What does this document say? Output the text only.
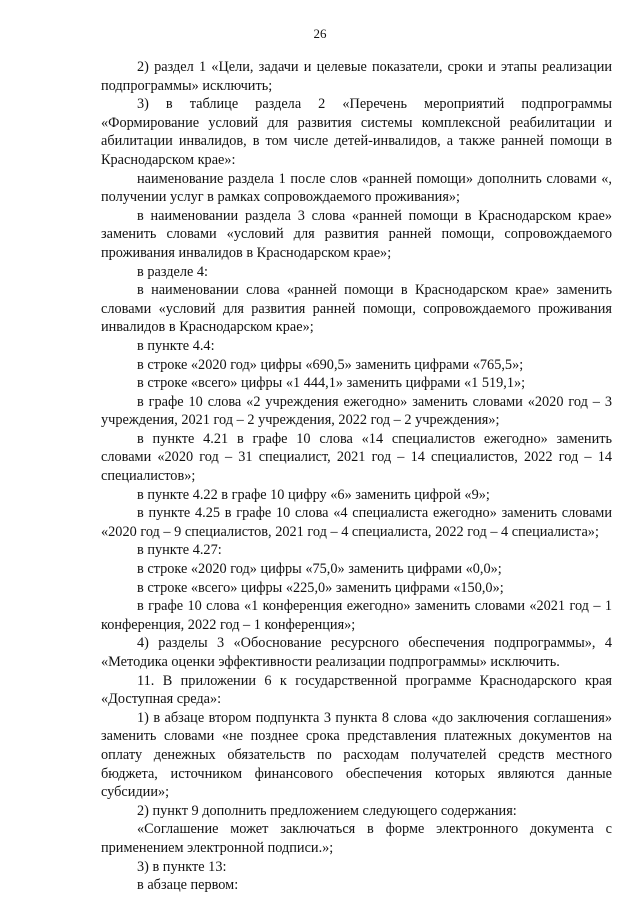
26

2) раздел 1 «Цели, задачи и целевые показатели, сроки и этапы реализации подпрограммы» исключить;

3) в таблице раздела 2 «Перечень мероприятий подпрограммы «Формирование условий для развития системы комплексной реабилитации и абилитации инвалидов, в том числе детей-инвалидов, а также ранней помощи в Краснодарском крае»:

наименование раздела 1 после слов «ранней помощи» дополнить словами «, получении услуг в рамках сопровождаемого проживания»;

в наименовании раздела 3 слова «ранней помощи в Краснодарском крае» заменить словами «условий для развития ранней помощи, сопровождаемого проживания инвалидов в Краснодарском крае»;

в разделе 4:

в наименовании слова «ранней помощи в Краснодарском крае» заменить словами «условий для развития ранней помощи, сопровождаемого проживания инвалидов в Краснодарском крае»;

в пункте 4.4:

в строке «2020 год» цифры «690,5» заменить цифрами «765,5»;

в строке «всего» цифры «1 444,1» заменить цифрами «1 519,1»;

в графе 10 слова «2 учреждения ежегодно» заменить словами «2020 год – 3 учреждения, 2021 год – 2 учреждения, 2022 год – 2 учреждения»;

в пункте 4.21 в графе 10 слова «14 специалистов ежегодно» заменить словами «2020 год – 31 специалист, 2021 год – 14 специалистов, 2022 год – 14 специалистов»;

в пункте 4.22 в графе 10 цифру «6» заменить цифрой «9»;

в пункте 4.25 в графе 10 слова «4 специалиста ежегодно» заменить словами «2020 год – 9 специалистов, 2021 год – 4 специалиста, 2022 год – 4 специалиста»;

в пункте 4.27:

в строке «2020 год» цифры «75,0» заменить цифрами «0,0»;

в строке «всего» цифры «225,0» заменить цифрами «150,0»;

в графе 10 слова «1 конференция ежегодно» заменить словами «2021 год – 1 конференция, 2022 год – 1 конференция»;

4) разделы 3 «Обоснование ресурсного обеспечения подпрограммы», 4 «Методика оценки эффективности реализации подпрограммы» исключить.

11. В приложении 6 к государственной программе Краснодарского края «Доступная среда»:

1) в абзаце втором подпункта 3 пункта 8 слова «до заключения соглашения» заменить словами «не позднее срока представления платежных документов на оплату денежных обязательств по расходам получателей средств местного бюджета, источником финансового обеспечения которых являются данные субсидии»;

2) пункт 9 дополнить предложением следующего содержания:

«Соглашение может заключаться в форме электронного документа с применением электронной подписи.»;

3) в пункте 13:

в абзаце первом:
